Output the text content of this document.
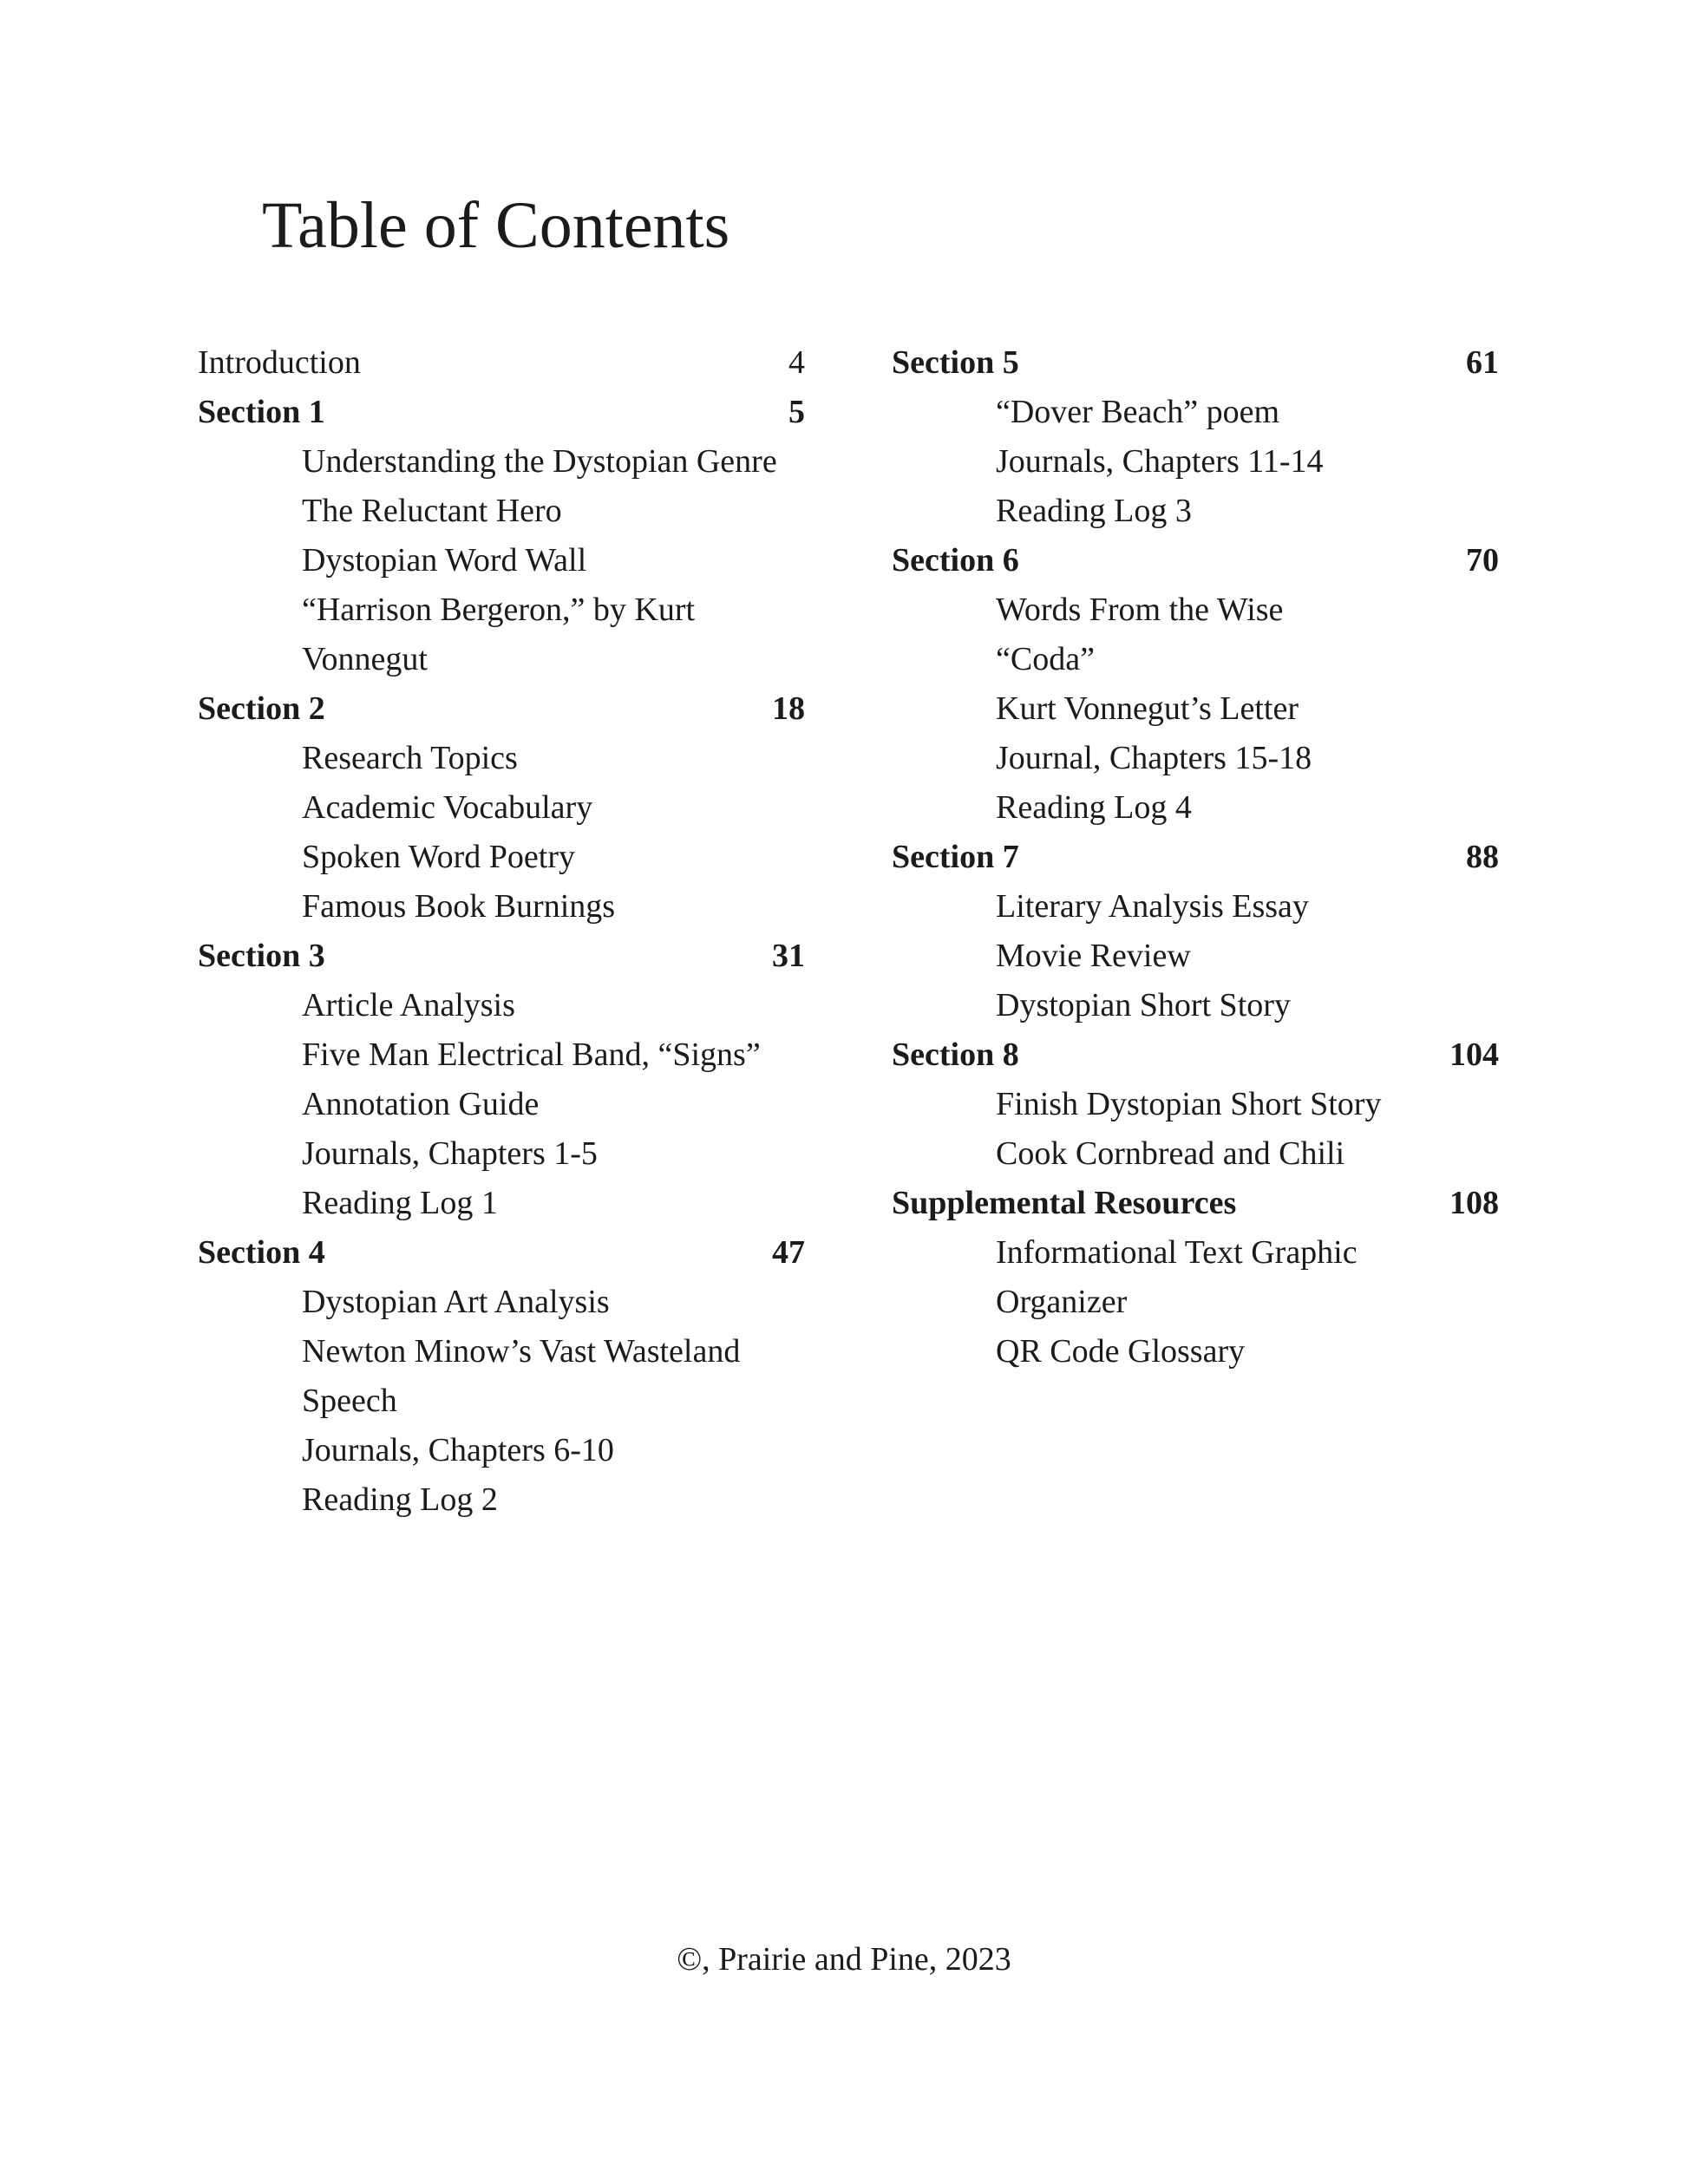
Table of Contents
Introduction	4
Section 1	5
Understanding the Dystopian Genre
The Reluctant Hero
Dystopian Word Wall
“Harrison Bergeron,” by Kurt Vonnegut
Section 2	18
Research Topics
Academic Vocabulary
Spoken Word Poetry
Famous Book Burnings
Section 3	31
Article Analysis
Five Man Electrical Band, “Signs”
Annotation Guide
Journals, Chapters 1-5
Reading Log 1
Section 4	47
Dystopian Art Analysis
Newton Minow’s Vast Wasteland Speech
Journals, Chapters 6-10
Reading Log 2
Section 5	61
“Dover Beach” poem
Journals, Chapters 11-14
Reading Log 3
Section 6	70
Words From the Wise
“Coda”
Kurt Vonnegut’s Letter
Journal, Chapters 15-18
Reading Log 4
Section 7	88
Literary Analysis Essay
Movie Review
Dystopian Short Story
Section 8	104
Finish Dystopian Short Story
Cook Cornbread and Chili
Supplemental Resources	108
Informational Text Graphic Organizer
QR Code Glossary
©, Prairie and Pine, 2023
